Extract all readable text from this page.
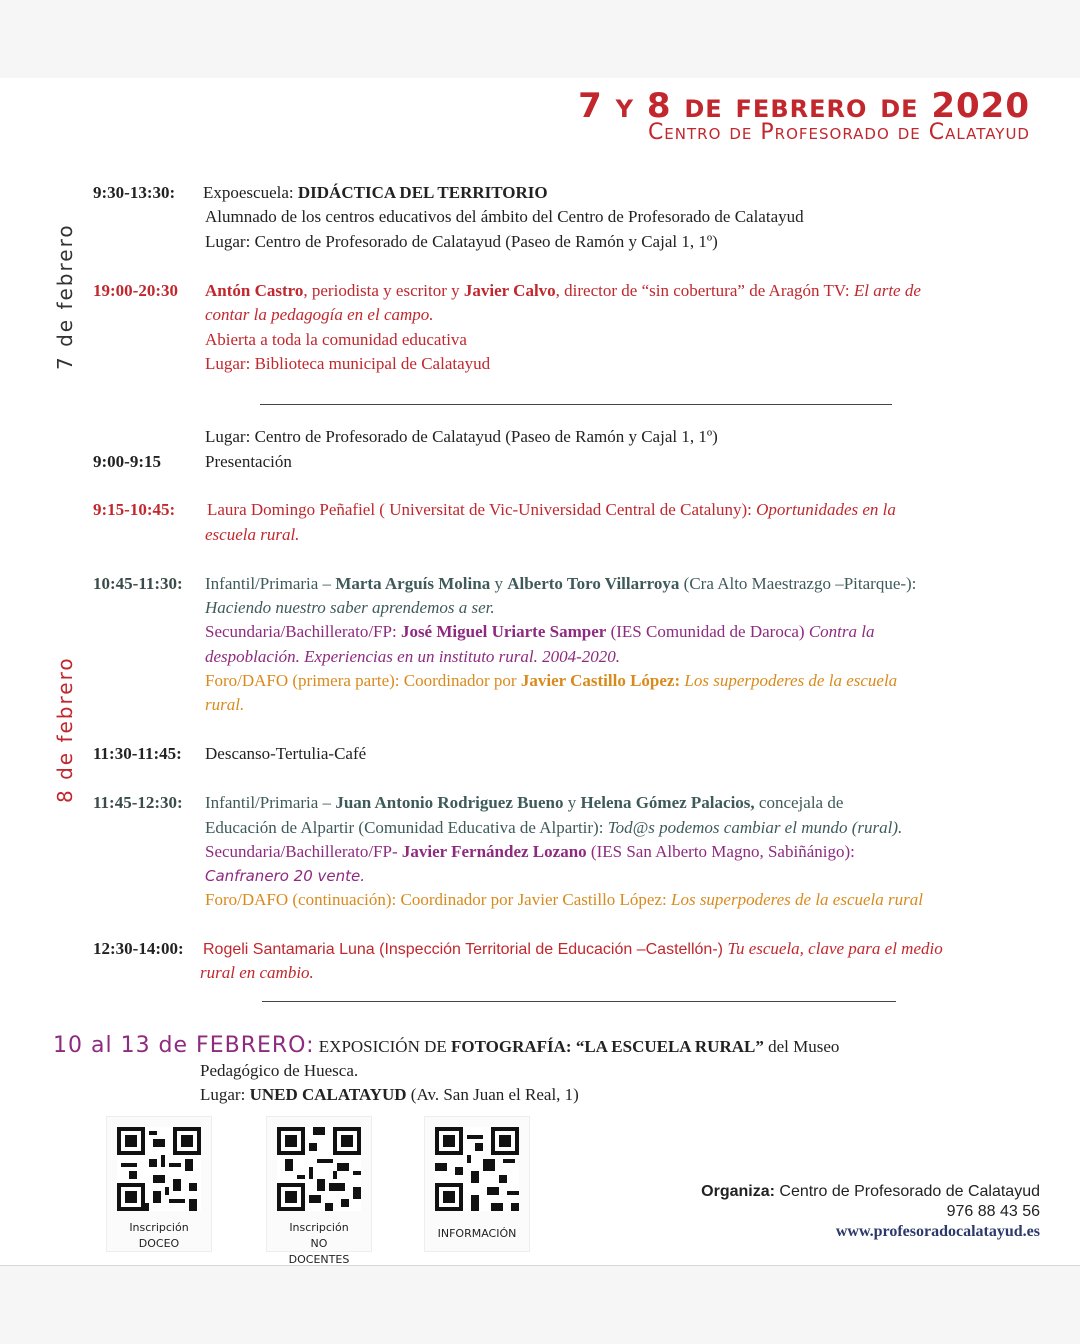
7 y 8 de febrero de 2020
Centro de Profesorado de Calatayud
7 de febrero
8 de febrero
9:30-13:30: Expoescuela: DIDÁCTICA DEL TERRITORIO
Alumnado de los centros educativos del ámbito del Centro de Profesorado de Calatayud
Lugar: Centro de Profesorado de Calatayud (Paseo de Ramón y Cajal 1, 1º)
19:00-20:30 Antón Castro, periodista y escritor y Javier Calvo, director de “sin cobertura” de Aragón TV: El arte de
contar la pedagogía en el campo.
Abierta a toda la comunidad educativa
Lugar: Biblioteca municipal de Calatayud
Lugar: Centro de Profesorado de Calatayud (Paseo de Ramón y Cajal 1, 1º)
9:00-9:15	Presentación
9:15-10:45: Laura Domingo Peñafiel ( Universitat de Vic-Universidad Central de Cataluny): Oportunidades en la
escuela rural.
10:45-11:30: Infantil/Primaria – Marta Arguís Molina y Alberto Toro Villarroya (Cra Alto Maestrazgo –Pitarque-):
Haciendo nuestro saber aprendemos a ser.
Secundaria/Bachillerato/FP: José Miguel Uriarte Samper (IES Comunidad de Daroca) Contra la
despoblación. Experiencias en un instituto rural. 2004-2020.
Foro/DAFO (primera parte): Coordinador por Javier Castillo López: Los superpoderes de la escuela
rural.
11:30-11:45: Descanso-Tertulia-Café
11:45-12:30: Infantil/Primaria – Juan Antonio Rodriguez Bueno y Helena Gómez Palacios, concejala de
Educación de Alpartir (Comunidad Educativa de Alpartir): Tod@s podemos cambiar el mundo (rural).
Secundaria/Bachillerato/FP- Javier Fernández Lozano (IES San Alberto Magno, Sabiñánigo):
Canfranero 20 vente.
Foro/DAFO (continuación): Coordinador por Javier Castillo López: Los superpoderes de la escuela rural
12:30-14:00: Rogeli Santamaria Luna (Inspección Territorial de Educación –Castellón-) Tu escuela, clave para el medio
rural en cambio.
10 al 13 de FEBRERO: EXPOSICIÓN DE FOTOGRAFÍA: “LA ESCUELA RURAL” del Museo
Pedagógico de Huesca.
Lugar: UNED CALATAYUD (Av. San Juan el Real, 1)
Inscripción
DOCEO
Inscripción
NO
DOCENTES
INFORMACIÓN
Organiza: Centro de Profesorado de Calatayud
976 88 43 56
www.profesoradocalatayud.es
